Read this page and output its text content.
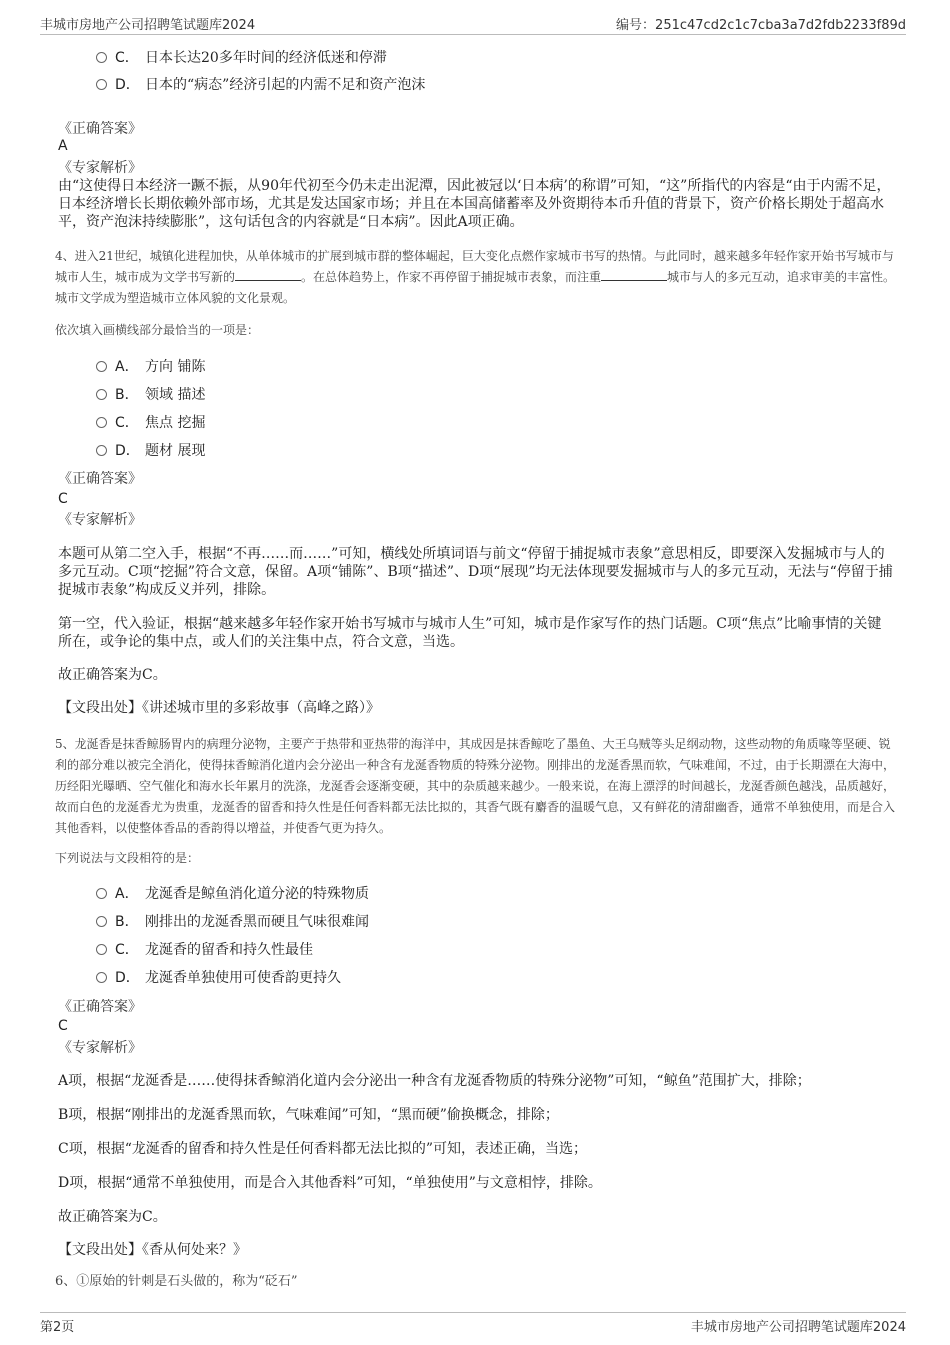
丰城市房地产公司招聘笔试题库2024	编号：251c47cd2c1c7cba3a7d2fdb2233f89d
C． 日本长达20多年时间的经济低迷和停滞
D． 日本的“病态”经济引起的内需不足和资产泡沫
《正确答案》
A
《专家解析》

由“这使得日本经济一蹶不振，从90年代初至今仍未走出泥潭，因此被冠以‘日本病’的称谓”可知，“这”所指代的内容是“由于内需不足，日本经济增长长期依赖外部市场，尤其是发达国家市场；并且在本国高储蓄率及外资期待本币升值的背景下，资产价格长期处于超高水平，资产泡沫持续膨胀”，这句话包含的内容就是“日本病”。因此A项正确。

4、进入21世纪，城镇化进程加快，从单体城市的扩展到城市群的整体崛起，巨大变化点燃作家城市书写的热情。与此同时，越来越多年轻作家开始书写城市与城市人生，城市成为文学书写新的	。在总体趋势上，作家不再停留于捕捉城市表象，而注重	城市与人的多元互动，追求审美的丰富性。城市文学成为塑造城市立体风貌的文化景观。

依次填入画横线部分最恰当的一项是：

A． 方向 铺陈
B． 领域 描述
C． 焦点 挖掘
D． 题材 展现
《正确答案》
C
《专家解析》

本题可从第二空入手，根据“不再……而……”可知，横线处所填词语与前文“停留于捕捉城市表象”意思相反，即要深入发掘城市与人的多元互动。C项“挖掘”符合文意，保留。A项“铺陈”、B项“描述”、D项“展现”均无法体现要发掘城市与人的多元互动，无法与“停留于捕捉城市表象”构成反义并列，排除。

第一空，代入验证，根据“越来越多年轻作家开始书写城市与城市人生”可知，城市是作家写作的热门话题。C项“焦点”比喻事情的关键所在，或争论的集中点，或人们的关注集中点，符合文意，当选。

故正确答案为C。

【文段出处】《讲述城市里的多彩故事（高峰之路）》

5、龙涎香是抹香鲸肠胃内的病理分泌物，主要产于热带和亚热带的海洋中，其成因是抹香鲸吃了墨鱼、大王乌贼等头足纲动物，这些动物的角质喙等坚硬、锐利的部分难以被完全消化，使得抹香鲸消化道内会分泌出一种含有龙涎香物质的特殊分泌物。刚排出的龙涎香黑而软，气味难闻，不过，由于长期漂在大海中，历经阳光曝晒、空气催化和海水长年累月的洗涤，龙涎香会逐渐变硬，其中的杂质越来越少。一般来说，在海上漂浮的时间越长，龙涎香颜色越浅，品质越好，故而白色的龙涎香尤为贵重，龙涎香的留香和持久性是任何香料都无法比拟的，其香气既有麝香的温暖气息，又有鲜花的清甜幽香，通常不单独使用，而是合入其他香料，以使整体香品的香韵得以增益，并使香气更为持久。

下列说法与文段相符的是：

A． 龙涎香是鲸鱼消化道分泌的特殊物质
B． 刚排出的龙涎香黑而硬且气味很难闻
C． 龙涎香的留香和持久性最佳
D． 龙涎香单独使用可使香韵更持久
《正确答案》
C
《专家解析》

A项，根据“龙涎香是……使得抹香鲸消化道内会分泌出一种含有龙涎香物质的特殊分泌物”可知，“鲸鱼”范围扩大，排除；

B项，根据“刚排出的龙涎香黑而软，气味难闻”可知，“黑而硬”偷换概念，排除；

C项，根据“龙涎香的留香和持久性是任何香料都无法比拟的”可知，表述正确，当选；

D项，根据“通常不单独使用，而是合入其他香料”可知，“单独使用”与文意相悖，排除。

故正确答案为C。

【文段出处】《香从何处来？》

6、①原始的针刺是石头做的，称为“砭石”

第2页	丰城市房地产公司招聘笔试题库2024
